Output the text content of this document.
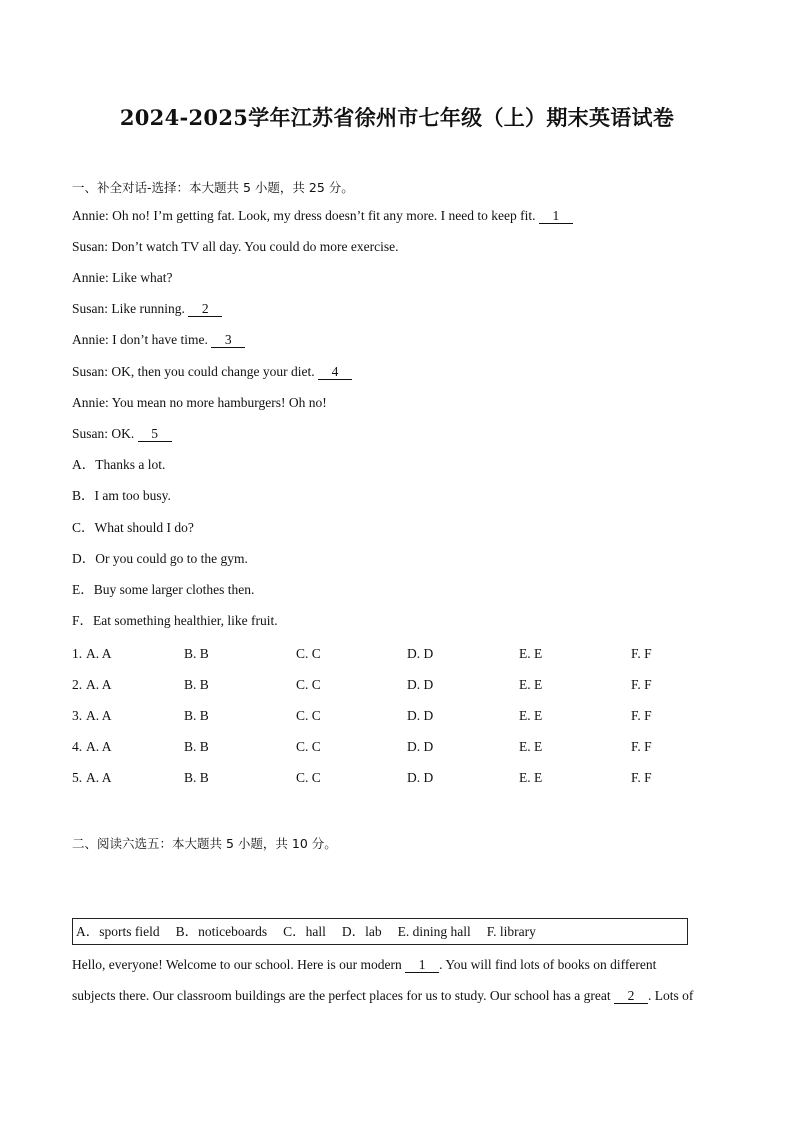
2024-2025学年江苏省徐州市七年级（上）期末英语试卷
一、补全对话-选择：本大题共 5 小题，共 25 分。
Annie: Oh no! I’m getting fat. Look, my dress doesn’t fit any more. I need to keep fit. 1
Susan: Don’t watch TV all day. You could do more exercise.
Annie: Like what?
Susan: Like running. 2
Annie: I don’t have time. 3
Susan: OK, then you could change your diet. 4
Annie: You mean no more hamburgers! Oh no!
Susan: OK. 5
A．Thanks a lot.
B．I am too busy.
C．What should I do?
D．Or you could go to the gym.
E．Buy some larger clothes then.
F．Eat something healthier, like fruit.
1. A. A	B. B	C. C	D. D	E. E	F. F
2. A. A	B. B	C. C	D. D	E. E	F. F
3. A. A	B. B	C. C	D. D	E. E	F. F
4. A. A	B. B	C. C	D. D	E. E	F. F
5. A. A	B. B	C. C	D. D	E. E	F. F
二、阅读六选五：本大题共 5 小题，共 10 分。
A．sports field B．noticeboards C．hall D．lab E. dining hall F. library
Hello, everyone! Welcome to our school. Here is our modern 1 . You will find lots of books on different
subjects there. Our classroom buildings are the perfect places for us to study. Our school has a great 2 . Lots of
